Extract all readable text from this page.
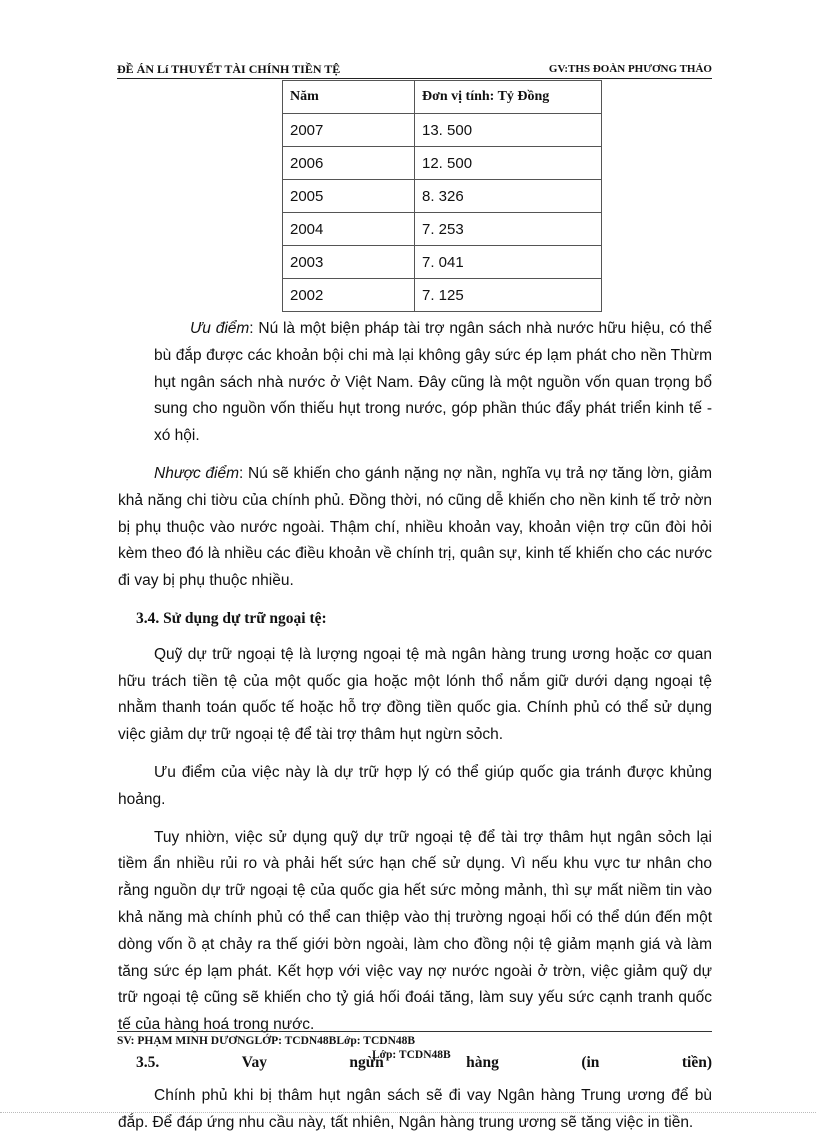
ĐỀ ÁN Lí THUYẾT TÀI CHÍNH TIỀN TỆ	GV:THS ĐOÀN PHƯƠNG THẢO
Năm	Đơn vị tính: Tỷ Đồng
2007	13. 500
2006	12. 500
2005	8. 326
2004	7. 253
2003	7. 041
2002	7. 125

Ưu điểm: Nú là một biện pháp tài trợ ngân sách nhà nước hữu hiệu, có thể bù đắp được các khoản bội chi mà lại không gây sức ép lạm phát cho nền Thừm hụt ngân sách nhà nước ở Việt Nam. Đây cũng là một nguồn vốn quan trọng bổ sung cho nguồn vốn thiếu hụt trong nước, góp phần thúc đẩy phát triển kinh tế - xó hội.

Nhược điểm: Nú sẽ khiến cho gánh nặng nợ nần, nghĩa vụ trả nợ tăng lờn, giảm khả năng chi tiờu của chính phủ. Đồng thời, nó cũng dễ khiến cho nền kinh tế trở nờn bị phụ thuộc vào nước ngoài. Thậm chí, nhiều khoản vay, khoản viện trợ cũn đòi hỏi kèm theo đó là nhiều các điều khoản về chính trị, quân sự, kinh tế khiến cho các nước đi vay bị phụ thuộc nhiều.

3.4. Sử dụng dự trữ ngoại tệ:

Quỹ dự trữ ngoại tệ là lượng ngoại tệ mà ngân hàng trung ương hoặc cơ quan hữu trách tiền tệ của một quốc gia hoặc một lónh thổ nắm giữ dưới dạng ngoại tệ nhằm thanh toán quốc tế hoặc hỗ trợ đồng tiền quốc gia. Chính phủ có thể sử dụng việc giảm dự trữ ngoại tệ để tài trợ thâm hụt ngừn sỏch.

Ưu điểm của việc này là dự trữ hợp lý có thể giúp quốc gia tránh được khủng hoảng.

Tuy nhiờn, việc sử dụng quỹ dự trữ ngoại tệ để tài trợ thâm hụt ngân sỏch lại tiềm ẩn nhiều rủi ro và phải hết sức hạn chế sử dụng. Vì nếu khu vực tư nhân cho rằng nguồn dự trữ ngoại tệ của quốc gia hết sức mỏng mảnh, thì sự mất niềm tin vào khả năng mà chính phủ có thể can thiệp vào thị trường ngoại hối có thể dún đến một dòng vốn ồ ạt chảy ra thế giới bờn ngoài, làm cho đồng nội tệ giảm mạnh giá và làm tăng sức ép lạm phát. Kết hợp với việc vay nợ nước ngoài ở trờn, việc giảm quỹ dự trữ ngoại tệ cũng sẽ khiến cho tỷ giá hối đoái tăng, làm suy yếu sức cạnh tranh quốc tế của hàng hoá trong nước.

3.5.	Vay	ngừn	hàng	(in	tiền)

Chính phủ khi bị thâm hụt ngân sách sẽ đi vay Ngân hàng Trung ương để bù đắp. Để đáp ứng nhu cầu này, tất nhiên, Ngân hàng trung ương sẽ tăng việc in tiền.

SV: PHẠM MINH DƯƠNGLỚP: TCDN48BLớp: TCDN48B
Lớp: TCDN48B
